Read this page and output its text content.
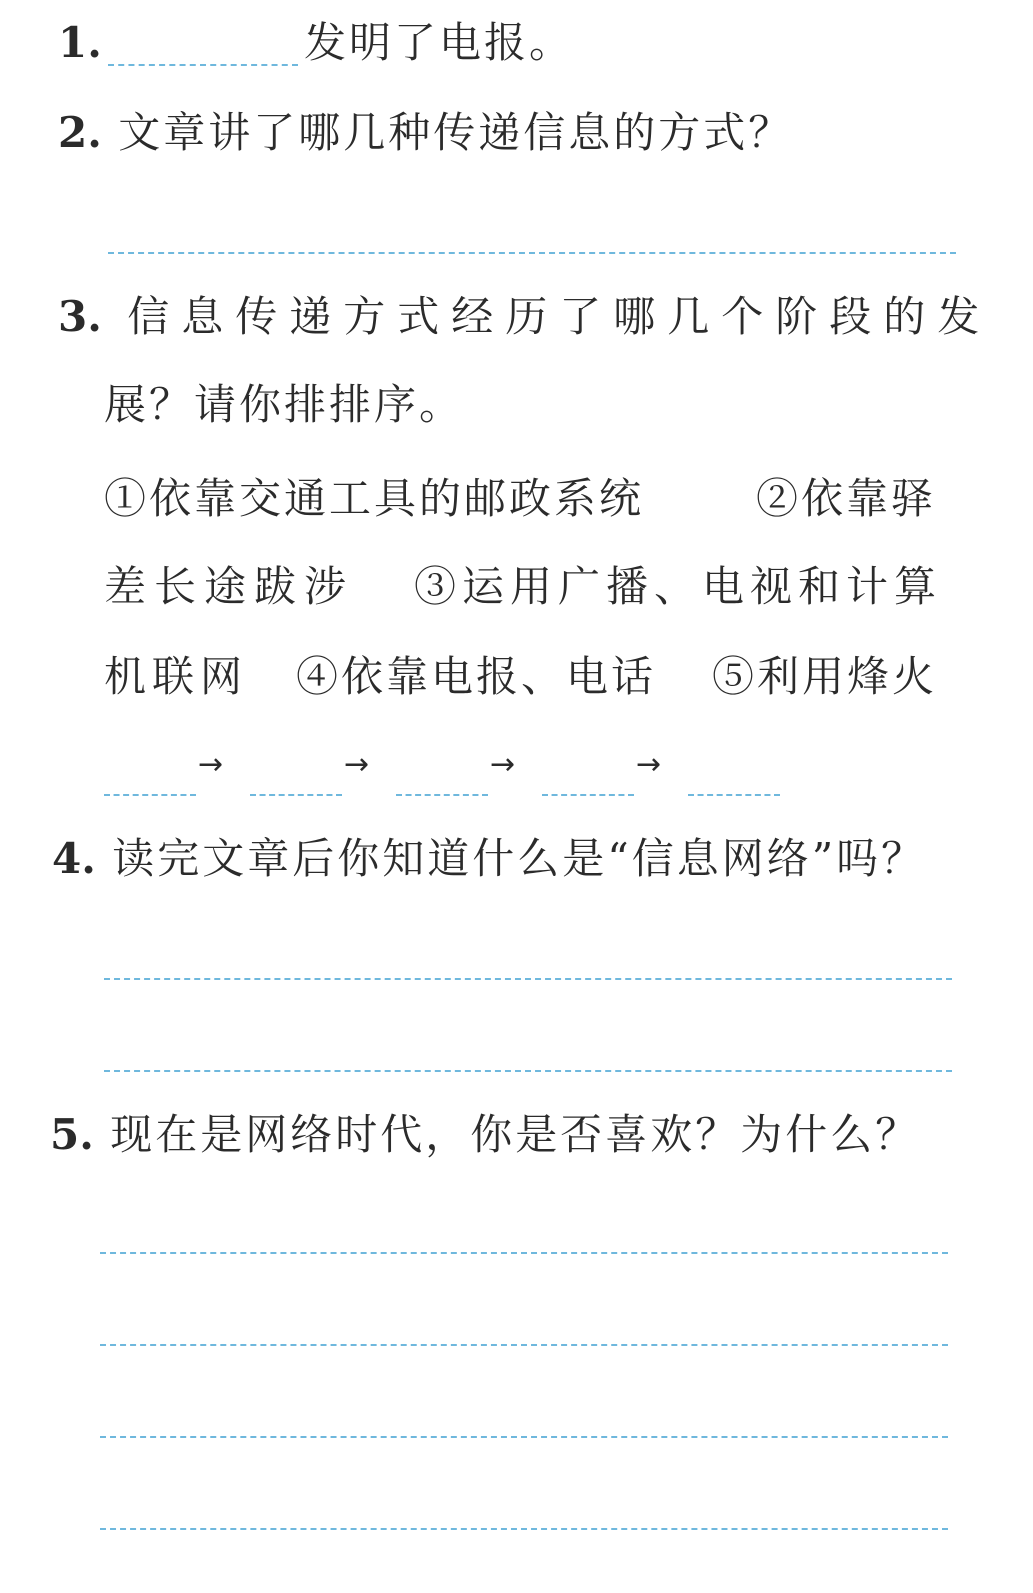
1.	发明了电报。
2. 文章讲了哪几种传递信息的方式？
3. 信息传递方式经历了哪几个阶段的发
展？请你排排序。
①依靠交通工具的邮政系统	②依靠驿
差长途跋涉 ③运用广播、电视和计算
机联网 ④依靠电报、电话 ⑤利用烽火
→	→	→	→
4. 读完文章后你知道什么是“信息网络”吗？
5. 现在是网络时代，你是否喜欢？为什么？
